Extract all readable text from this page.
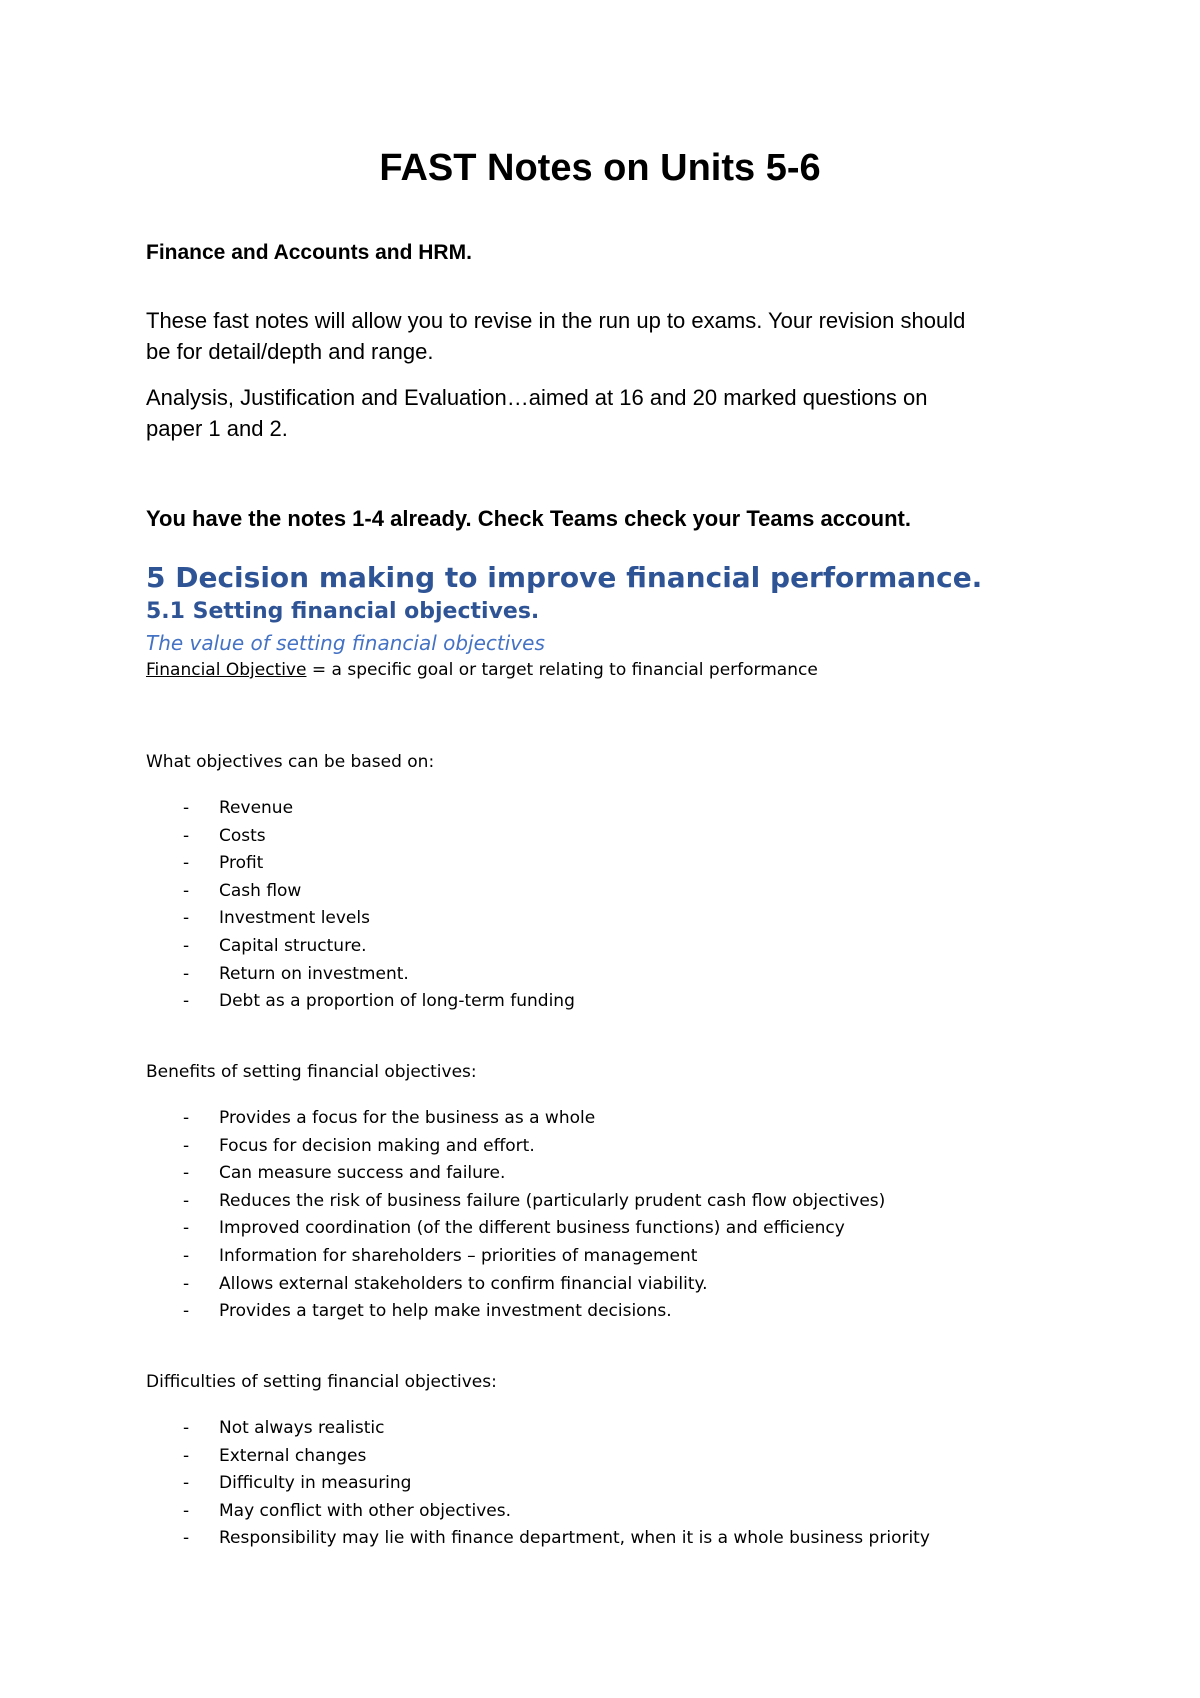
FAST Notes on Units 5-6
Finance and Accounts and HRM.
These fast notes will allow you to revise in the run up to exams. Your revision should
be for detail/depth and range.
Analysis, Justification and Evaluation…aimed at 16 and 20 marked questions on
paper 1 and 2.
You have the notes 1-4 already. Check Teams check your Teams account.
5 Decision making to improve financial performance.
5.1 Setting financial objectives.
The value of setting financial objectives
Financial Objective = a specific goal or target relating to financial performance
What objectives can be based on:
- Revenue
- Costs
- Profit
- Cash flow
- Investment levels
- Capital structure.
- Return on investment.
- Debt as a proportion of long-term funding
Benefits of setting financial objectives:
- Provides a focus for the business as a whole
- Focus for decision making and effort.
- Can measure success and failure.
- Reduces the risk of business failure (particularly prudent cash flow objectives)
- Improved coordination (of the different business functions) and efficiency
- Information for shareholders – priorities of management
- Allows external stakeholders to confirm financial viability.
- Provides a target to help make investment decisions.
Difficulties of setting financial objectives:
- Not always realistic
- External changes
- Difficulty in measuring
- May conflict with other objectives.
- Responsibility may lie with finance department, when it is a whole business priority
